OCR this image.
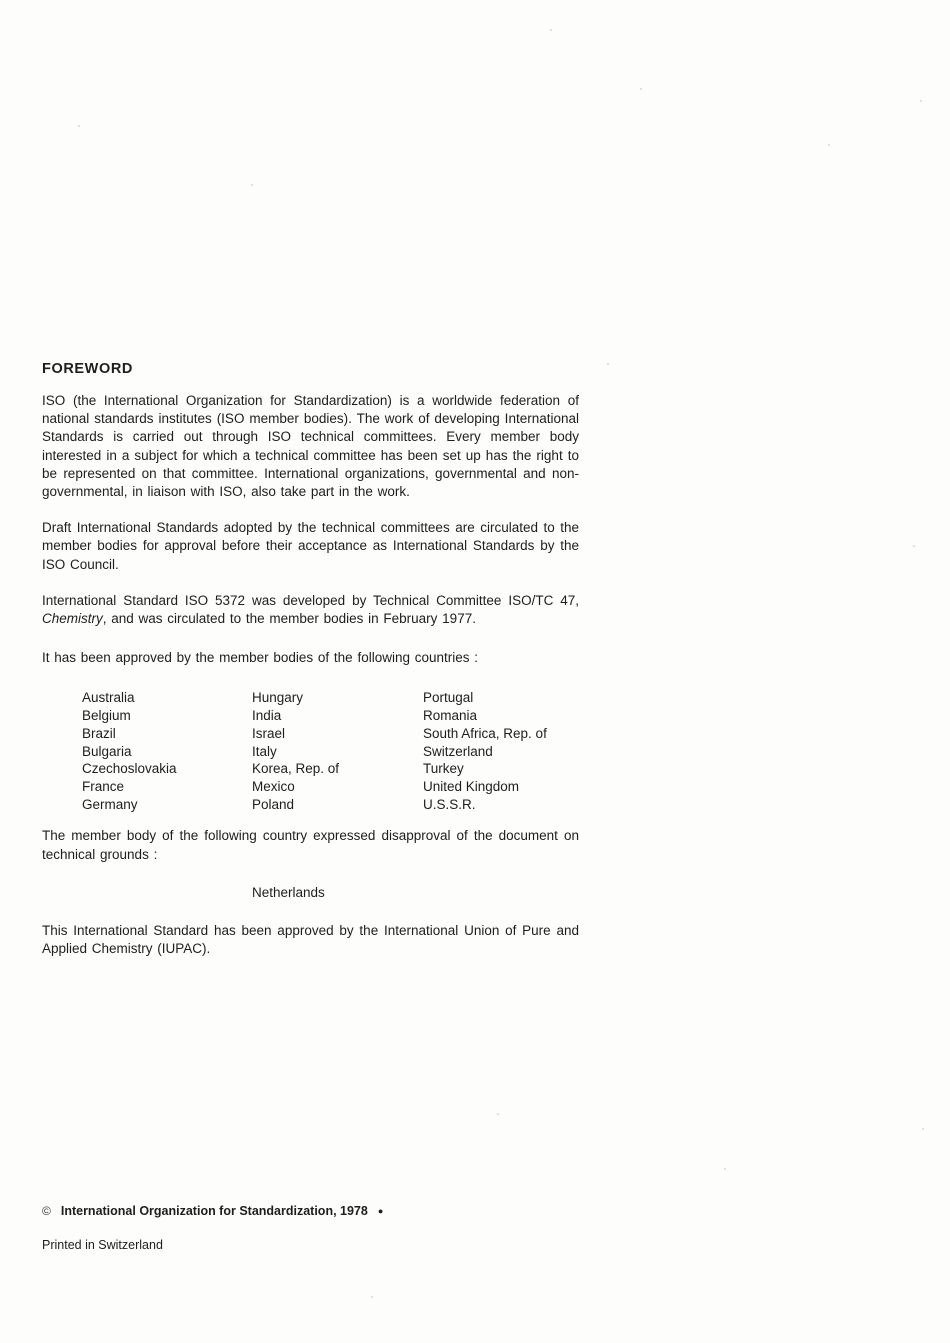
FOREWORD

ISO (the International Organization for Standardization) is a worldwide federation of national standards institutes (ISO member bodies). The work of developing International Standards is carried out through ISO technical committees. Every member body interested in a subject for which a technical committee has been set up has the right to be represented on that committee. International organizations, governmental and non-governmental, in liaison with ISO, also take part in the work.

Draft International Standards adopted by the technical committees are circulated to the member bodies for approval before their acceptance as International Standards by the ISO Council.

International Standard ISO 5372 was developed by Technical Committee ISO/TC 47, Chemistry, and was circulated to the member bodies in February 1977.

It has been approved by the member bodies of the following countries :

Australia
Belgium
Brazil
Bulgaria
Czechoslovakia
France
Germany
Hungary
India
Israel
Italy
Korea, Rep. of
Mexico
Poland
Portugal
Romania
South Africa, Rep. of
Switzerland
Turkey
United Kingdom
U.S.S.R.

The member body of the following country expressed disapproval of the document on technical grounds :

Netherlands

This International Standard has been approved by the International Union of Pure and Applied Chemistry (IUPAC).

© International Organization for Standardization, 1978 ●
Printed in Switzerland
